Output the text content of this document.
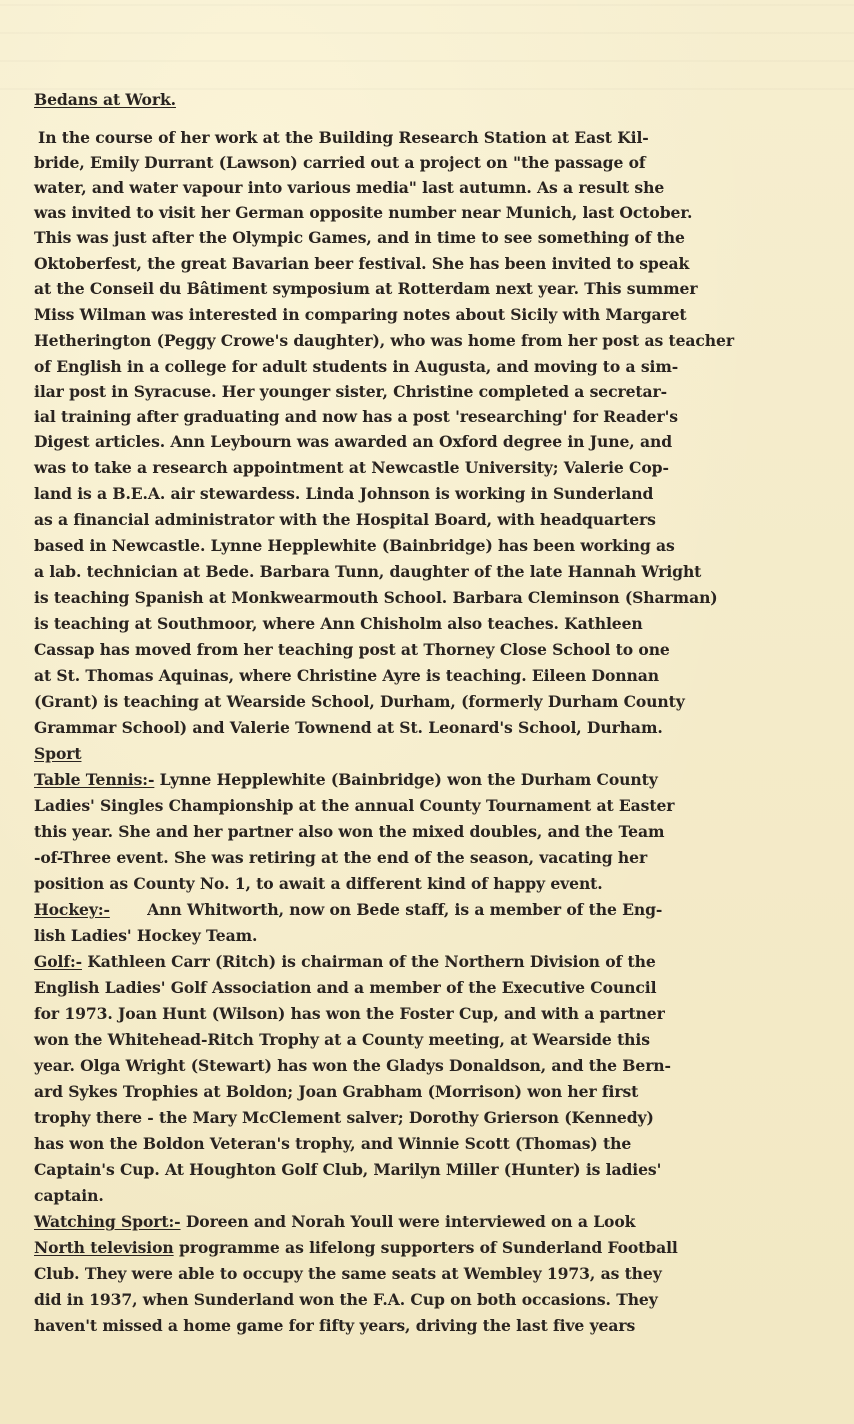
Bedans at Work.
In the course of her work at the Building Research Station at East Kil-
bride, Emily Durrant (Lawson) carried out a project on "the passage of
water, and water vapour into various media" last autumn. As a result she
was invited to visit her German opposite number near Munich, last October.
This was just after the Olympic Games, and in time to see something of the
Oktoberfest, the great Bavarian beer festival. She has been invited to speak
at the Conseil du Bâtiment symposium at Rotterdam next year. This summer
Miss Wilman was interested in comparing notes about Sicily with Margaret
Hetherington (Peggy Crowe's daughter), who was home from her post as teacher
of English in a college for adult students in Augusta, and moving to a sim-
ilar post in Syracuse. Her younger sister, Christine completed a secretar-
ial training after graduating and now has a post 'researching' for Reader's
Digest articles. Ann Leybourn was awarded an Oxford degree in June, and
was to take a research appointment at Newcastle University; Valerie Cop-
land is a B.E.A. air stewardess. Linda Johnson is working in Sunderland
as a financial administrator with the Hospital Board, with headquarters
based in Newcastle. Lynne Hepplewhite (Bainbridge) has been working as
a lab. technician at Bede. Barbara Tunn, daughter of the late Hannah Wright
is teaching Spanish at Monkwearmouth School. Barbara Cleminson (Sharman)
is teaching at Southmoor, where Ann Chisholm also teaches. Kathleen
Cassap has moved from her teaching post at Thorney Close School to one
at St. Thomas Aquinas, where Christine Ayre is teaching. Eileen Donnan
(Grant) is teaching at Wearside School, Durham, (formerly Durham County
Grammar School) and Valerie Townend at St. Leonard's School, Durham.
Sport
Table Tennis:- Lynne Hepplewhite (Bainbridge) won the Durham County
Ladies' Singles Championship at the annual County Tournament at Easter
this year. She and her partner also won the mixed doubles, and the Team
-of-Three event. She was retiring at the end of the season, vacating her
position as County No. 1, to await a different kind of happy event.
Hockey:-       Ann Whitworth, now on Bede staff, is a member of the Eng-
lish Ladies' Hockey Team.
Golf:- Kathleen Carr (Ritch) is chairman of the Northern Division of the
English Ladies' Golf Association and a member of the Executive Council
for 1973. Joan Hunt (Wilson) has won the Foster Cup, and with a partner
won the Whitehead-Ritch Trophy at a County meeting, at Wearside this
year. Olga Wright (Stewart) has won the Gladys Donaldson, and the Bern-
ard Sykes Trophies at Boldon; Joan Grabham (Morrison) won her first
trophy there - the Mary McClement salver; Dorothy Grierson (Kennedy)
has won the Boldon Veteran's trophy, and Winnie Scott (Thomas) the
Captain's Cup. At Houghton Golf Club, Marilyn Miller (Hunter) is ladies'
captain.
Watching Sport:- Doreen and Norah Youll were interviewed on a Look
North television programme as lifelong supporters of Sunderland Football
Club. They were able to occupy the same seats at Wembley 1973, as they
did in 1937, when Sunderland won the F.A. Cup on both occasions. They
haven't missed a home game for fifty years, driving the last five years
